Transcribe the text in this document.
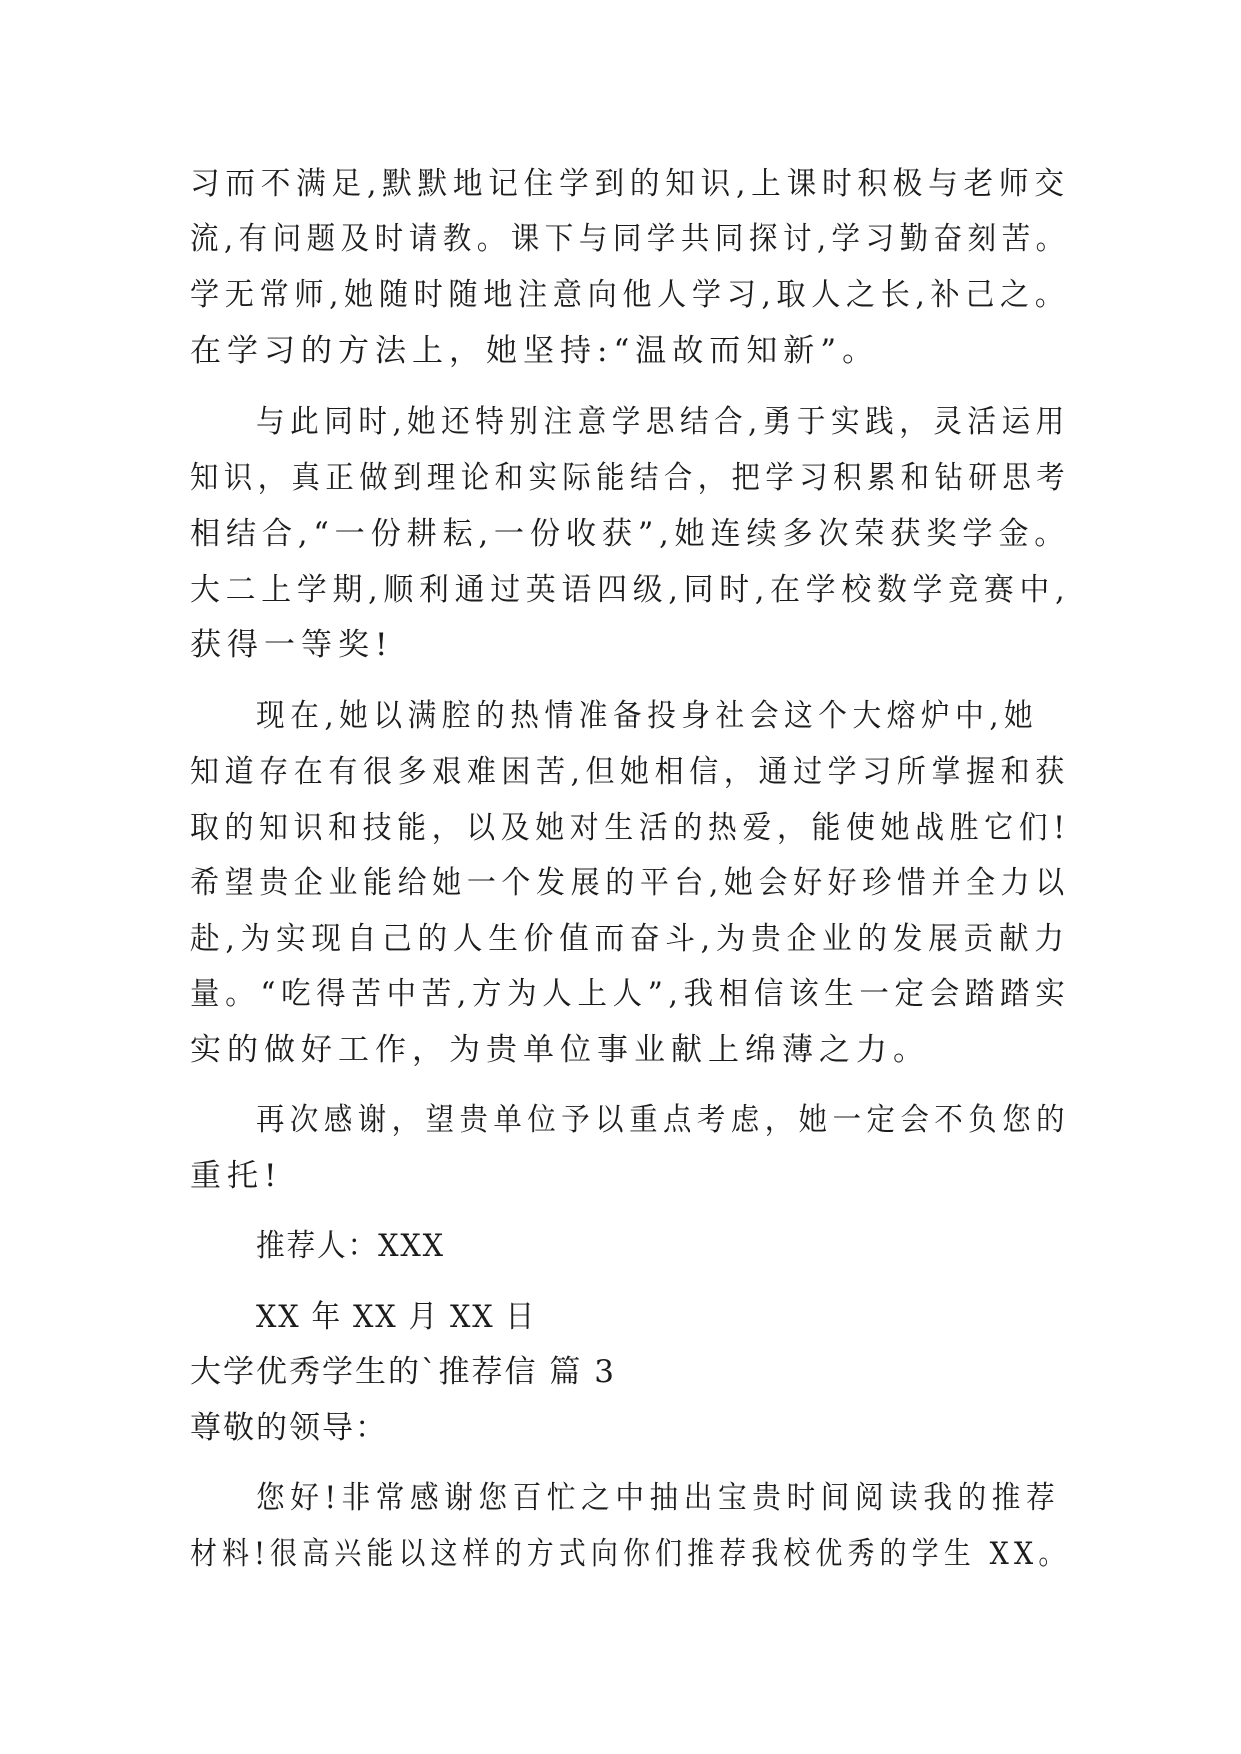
习而不满足,默默地记住学到的知识,上课时积极与老师交
流,有问题及时请教。课下与同学共同探讨,学习勤奋刻苦。
学无常师,她随时随地注意向他人学习,取人之长,补己之。
在学习的方法上，她坚持:“温故而知新”。
与此同时,她还特别注意学思结合,勇于实践，灵活运用
知识，真正做到理论和实际能结合，把学习积累和钻研思考
相结合,“一份耕耘,一份收获”,她连续多次荣获奖学金。
大二上学期,顺利通过英语四级,同时,在学校数学竞赛中,
获得一等奖!
现在,她以满腔的热情准备投身社会这个大熔炉中,她
知道存在有很多艰难困苦,但她相信，通过学习所掌握和获
取的知识和技能，以及她对生活的热爱，能使她战胜它们!
希望贵企业能给她一个发展的平台,她会好好珍惜并全力以
赴,为实现自己的人生价值而奋斗,为贵企业的发展贡献力
量。“吃得苦中苦,方为人上人”,我相信该生一定会踏踏实
实的做好工作，为贵单位事业献上绵薄之力。
再次感谢，望贵单位予以重点考虑，她一定会不负您的
重托!
推荐人：XXX
XX 年 XX 月 XX 日
大学优秀学生的`推荐信 篇 3
尊敬的领导：
您好!非常感谢您百忙之中抽出宝贵时间阅读我的推荐
材料!很高兴能以这样的方式向你们推荐我校优秀的学生 XX。
